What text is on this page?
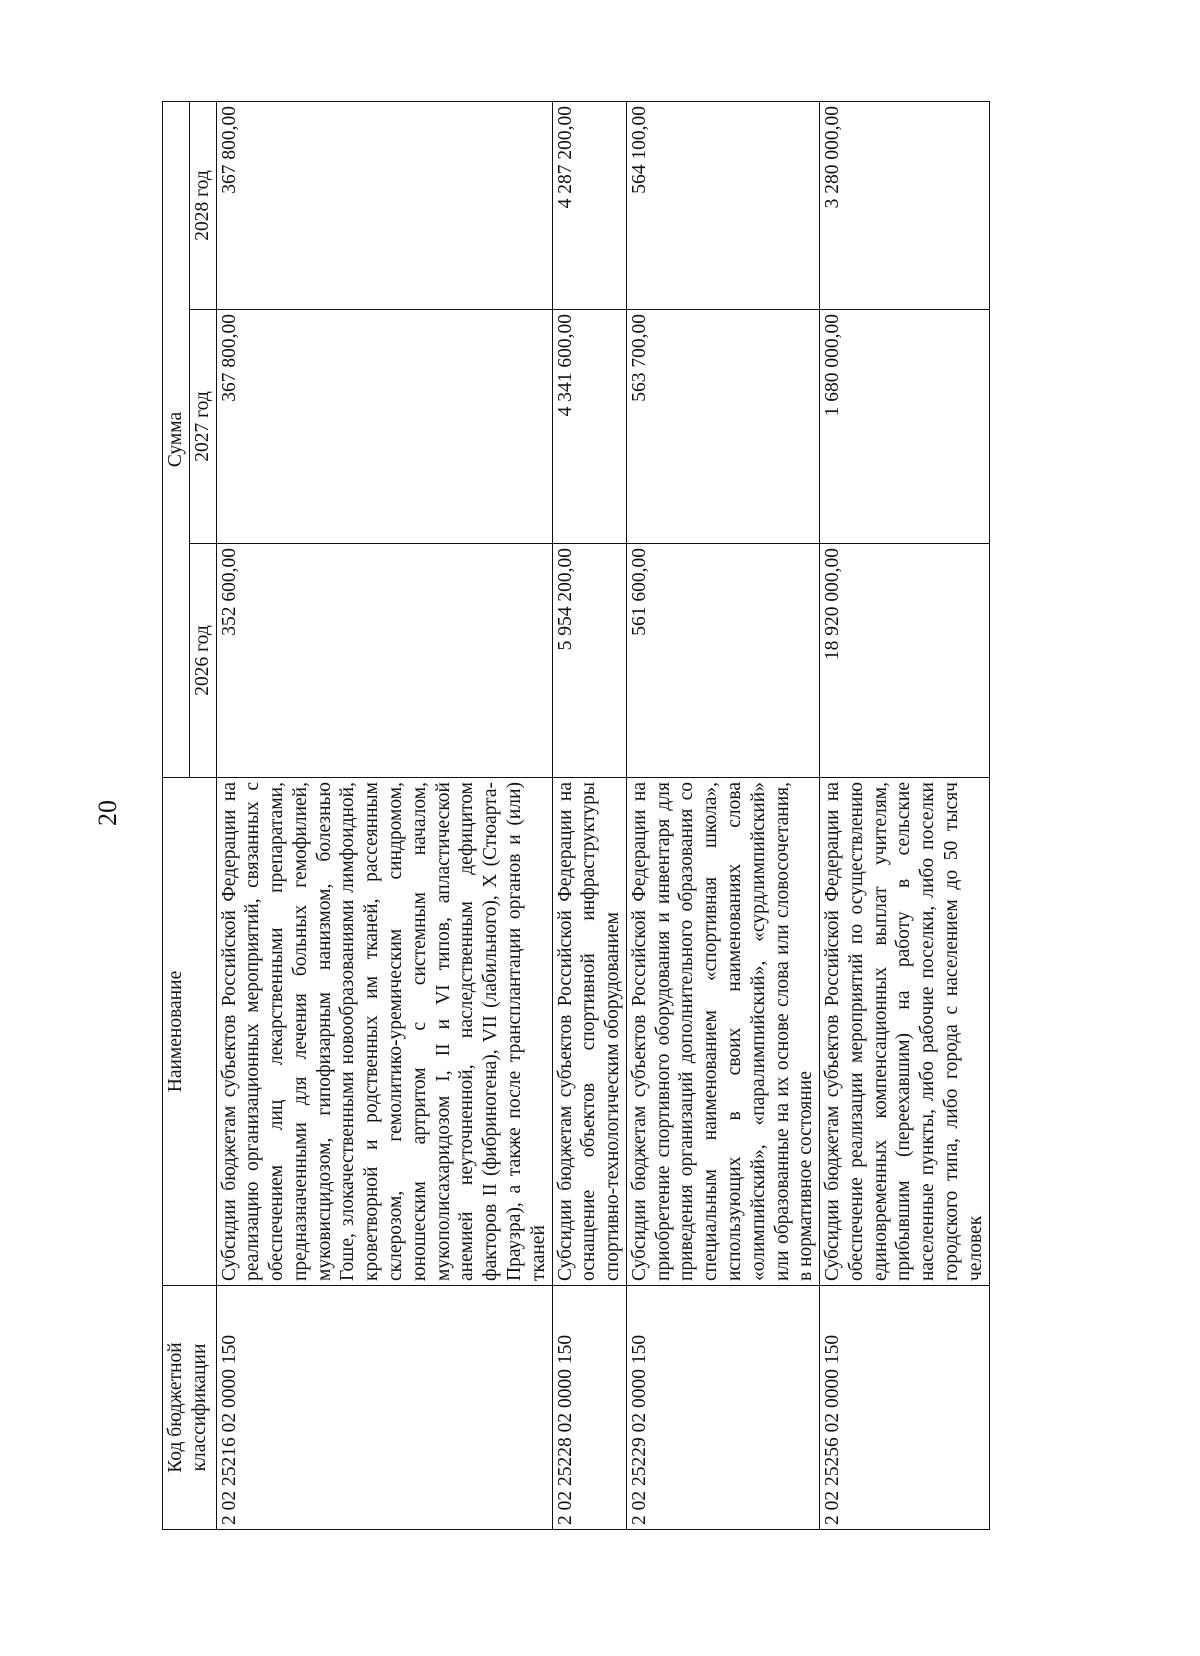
20
Код бюджетной классификации	Наименование	Сумма		
		2026 год	2027 год	2028 год
2 02 25216 02 0000 150	Субсидии бюджетам субъектов Российской Федерации на реализацию организационных мероприятий, связанных с обеспечением лиц лекарственными препаратами, предназначенными для лечения больных гемофилией, муковисцидозом, гипофизарным нанизмом, болезнью Гоше, злокачественными новообразованиями лимфоидной, кроветворной и родственных им тканей, рассеянным склерозом, гемолитико-уремическим синдромом, юношеским артритом с системным началом, мукополисахаридозом I, II и VI типов, апластической анемией неуточненной, наследственным дефицитом факторов II (фибриногена), VII (лабильного), X (Стюарта-Праузра), а также после трансплантации органов и (или) тканей	352 600,00	367 800,00	367 800,00
2 02 25228 02 0000 150	Субсидии бюджетам субъектов Российской Федерации на оснащение объектов спортивной инфраструктуры спортивно-технологическим оборудованием	5 954 200,00	4 341 600,00	4 287 200,00
2 02 25229 02 0000 150	Субсидии бюджетам субъектов Российской Федерации на приобретение спортивного оборудования и инвентаря для приведения организаций дополнительного образования со специальным наименованием «спортивная школа», использующих в своих наименованиях слова «олимпийский», «паралимпийский», «сурдлимпийский» или образованные на их основе слова или словосочетания, в нормативное состояние	561 600,00	563 700,00	564 100,00
2 02 25256 02 0000 150	Субсидии бюджетам субъектов Российской Федерации на обеспечение реализации мероприятий по осуществлению единовременных компенсационных выплат учителям, прибывшим (переехавшим) на работу в сельские населенные пункты, либо рабочие поселки, либо поселки городского типа, либо города с населением до 50 тысяч человек	18 920 000,00	1 680 000,00	3 280 000,00
